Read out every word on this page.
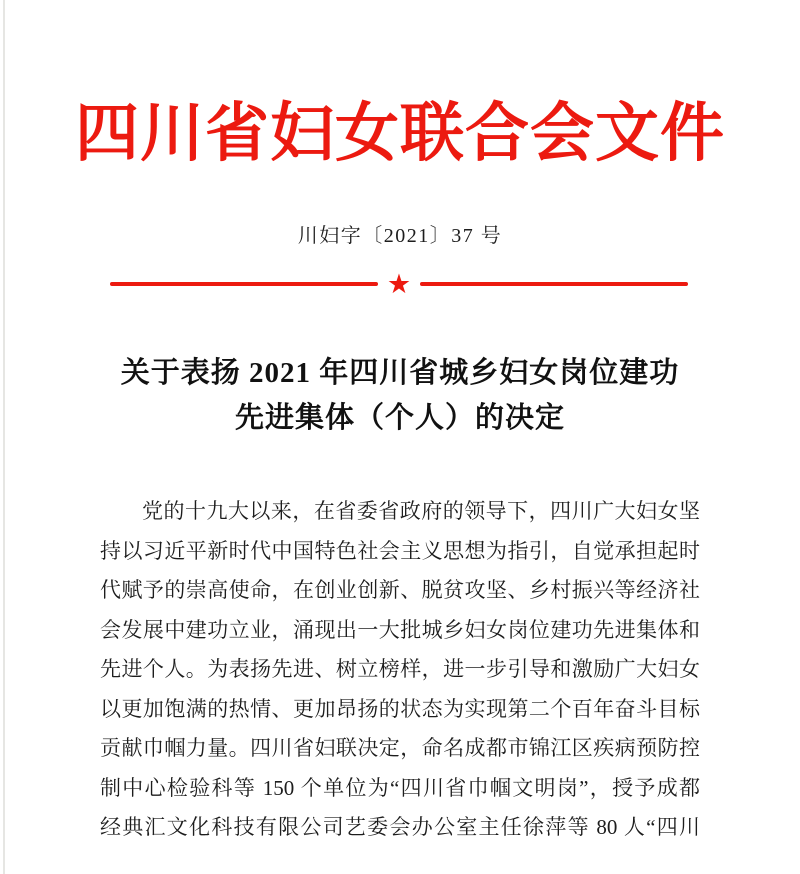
四川省妇女联合会文件
川妇字〔2021〕37 号
★
关于表扬 2021 年四川省城乡妇女岗位建功
先进集体（个人）的决定

党的十九大以来，在省委省政府的领导下，四川广大妇女坚

持以习近平新时代中国特色社会主义思想为指引，自觉承担起时

代赋予的崇高使命，在创业创新、脱贫攻坚、乡村振兴等经济社

会发展中建功立业，涌现出一大批城乡妇女岗位建功先进集体和

先进个人。为表扬先进、树立榜样，进一步引导和激励广大妇女

以更加饱满的热情、更加昂扬的状态为实现第二个百年奋斗目标

贡献巾帼力量。四川省妇联决定，命名成都市锦江区疾病预防控

制中心检验科等 150 个单位为“四川省巾帼文明岗”，授予成都

经典汇文化科技有限公司艺委会办公室主任徐萍等 80 人“四川
